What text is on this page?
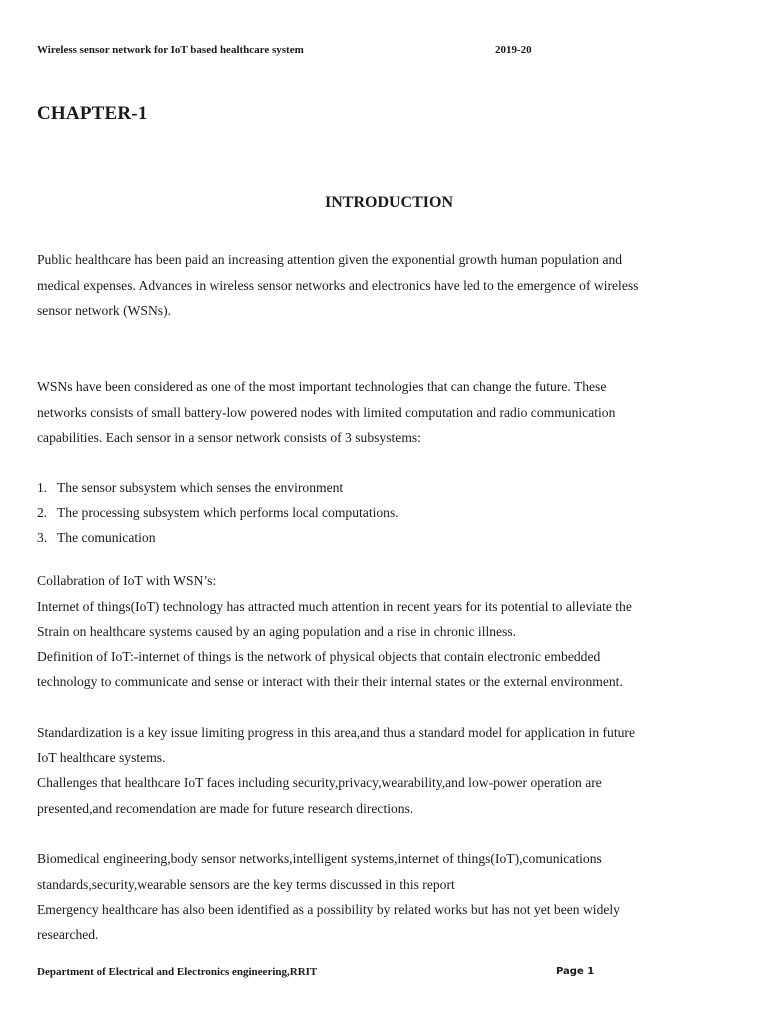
Wireless sensor network for IoT based healthcare system	2019-20
CHAPTER-1
INTRODUCTION
Public healthcare has been paid an increasing attention given the exponential growth human population and
medical expenses. Advances in wireless sensor networks and electronics have led to the emergence of wireless
sensor network (WSNs).
WSNs have been considered as one of the most important technologies that can change the future. These
networks consists of small battery-low powered nodes with limited computation and radio communication
capabilities. Each sensor in a sensor network consists of 3 subsystems:
1. The sensor subsystem which senses the environment
2. The processing subsystem which performs local computations.
3. The comunication
Collabration of IoT with WSN’s:
Internet of things(IoT) technology has attracted much attention in recent years for its potential to alleviate the
Strain on healthcare systems caused by an aging population and a rise in chronic illness.
Definition of IoT:-internet of things is the network of physical objects that contain electronic embedded
technology to communicate and sense or interact with their their internal states or the external environment.
Standardization is a key issue limiting progress in this area,and thus a standard model for application in future
IoT healthcare systems.
Challenges that healthcare IoT faces including security,privacy,wearability,and low-power operation are
presented,and recomendation are made for future research directions.
Biomedical engineering,body sensor networks,intelligent systems,internet of things(IoT),comunications
standards,security,wearable sensors are the key terms discussed in this report
Emergency healthcare has also been identified as a possibility by related works but has not yet been widely
researched.
Department of Electrical and Electronics engineering,RRIT	Page 1
